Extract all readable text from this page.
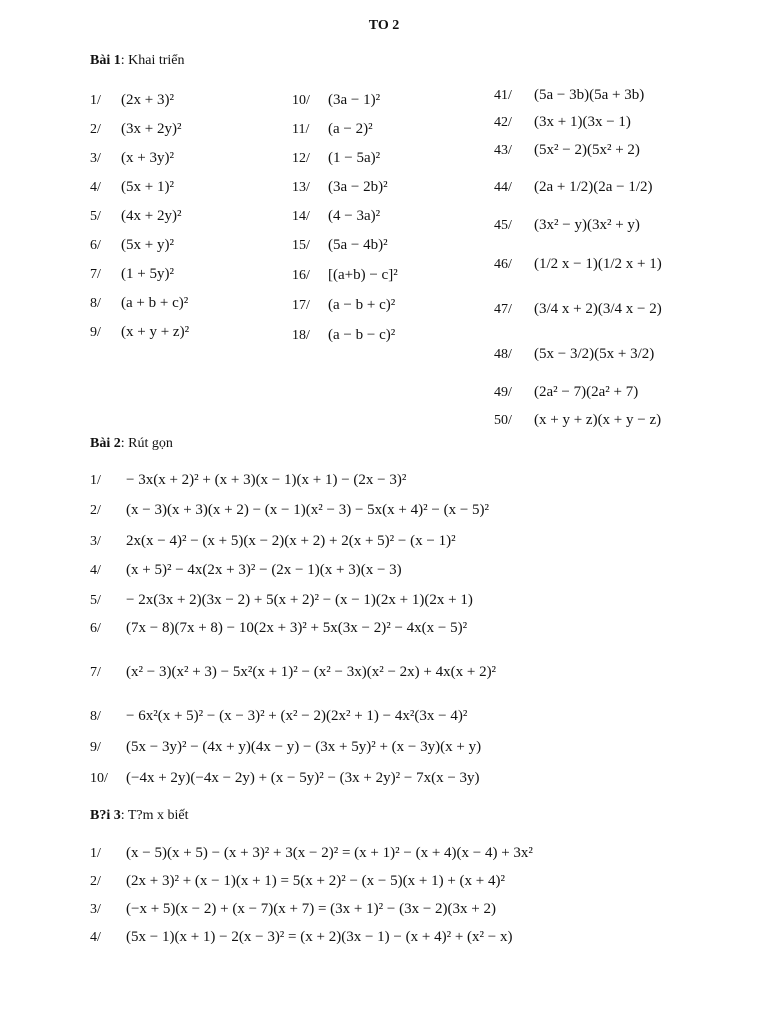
TO 2
Bài 1: Khai triển
1/ (2x + 3)²
2/ (3x + 2y)²
3/ (x + 3y)²
4/ (5x + 1)²
5/ (4x + 2y)²
6/ (5x + y)²
7/ (1 + 5y)²
8/ (a + b + c)²
9/ (x + y + z)²
10/ (3a − 1)²
11/ (a − 2)²
12/ (1 − 5a)²
13/ (3a − 2b)²
14/ (4 − 3a)²
15/ (5a − 4b)²
16/ [(a+b) − c]²
17/ (a − b + c)²
18/ (a − b − c)²
41/ (5a − 3b)(5a + 3b)
42/ (3x + 1)(3x − 1)
43/ (5x² − 2)(5x² + 2)
44/ (2a + 1/2)(2a − 1/2)
45/ (3x² − y)(3x² + y)
46/ (1/2 x − 1)(1/2 x + 1)
47/ (3/4 x + 2)(3/4 x − 2)
48/ (5x − 3/2)(5x + 3/2)
49/ (2a² − 7)(2a² + 7)
50/ (x + y + z)(x + y − z)
Bài 2: Rút gọn
1/ − 3x(x + 2)² + (x + 3)(x − 1)(x + 1) − (2x − 3)²
2/ (x − 3)(x + 3)(x + 2) − (x − 1)(x² − 3) − 5x(x + 4)² − (x − 5)²
3/ 2x(x − 4)² − (x + 5)(x − 2)(x + 2) + 2(x + 5)² − (x − 1)²
4/ (x + 5)² − 4x(2x + 3)² − (2x − 1)(x + 3)(x − 3)
5/ − 2x(3x + 2)(3x − 2) + 5(x + 2)² − (x − 1)(2x + 1)(2x + 1)
6/ (7x − 8)(7x + 8) − 10(2x + 3)² + 5x(3x − 2)² − 4x(x − 5)²
7/ (x² − 3)(x² + 3) − 5x²(x + 1)² − (x² − 3x)(x² − 2x) + 4x(x + 2)²
8/ − 6x²(x + 5)² − (x − 3)² + (x² − 2)(2x² + 1) − 4x²(3x − 4)²
9/ (5x − 3y)² − (4x + y)(4x − y) − (3x + 5y)² + (x − 3y)(x + y)
10/ (−4x + 2y)(−4x − 2y) + (x − 5y)² − (3x + 2y)² − 7x(x − 3y)
B?i 3: T?m x biết
1/ (x − 5)(x + 5) − (x + 3)² + 3(x − 2)² = (x + 1)² − (x + 4)(x − 4) + 3x²
2/ (2x + 3)² + (x − 1)(x + 1) = 5(x + 2)² − (x − 5)(x + 1) + (x + 4)²
3/ (−x + 5)(x − 2) + (x − 7)(x + 7) = (3x + 1)² − (3x − 2)(3x + 2)
4/ (5x − 1)(x + 1) − 2(x − 3)² = (x + 2)(3x − 1) − (x + 4)² + (x² − x)
